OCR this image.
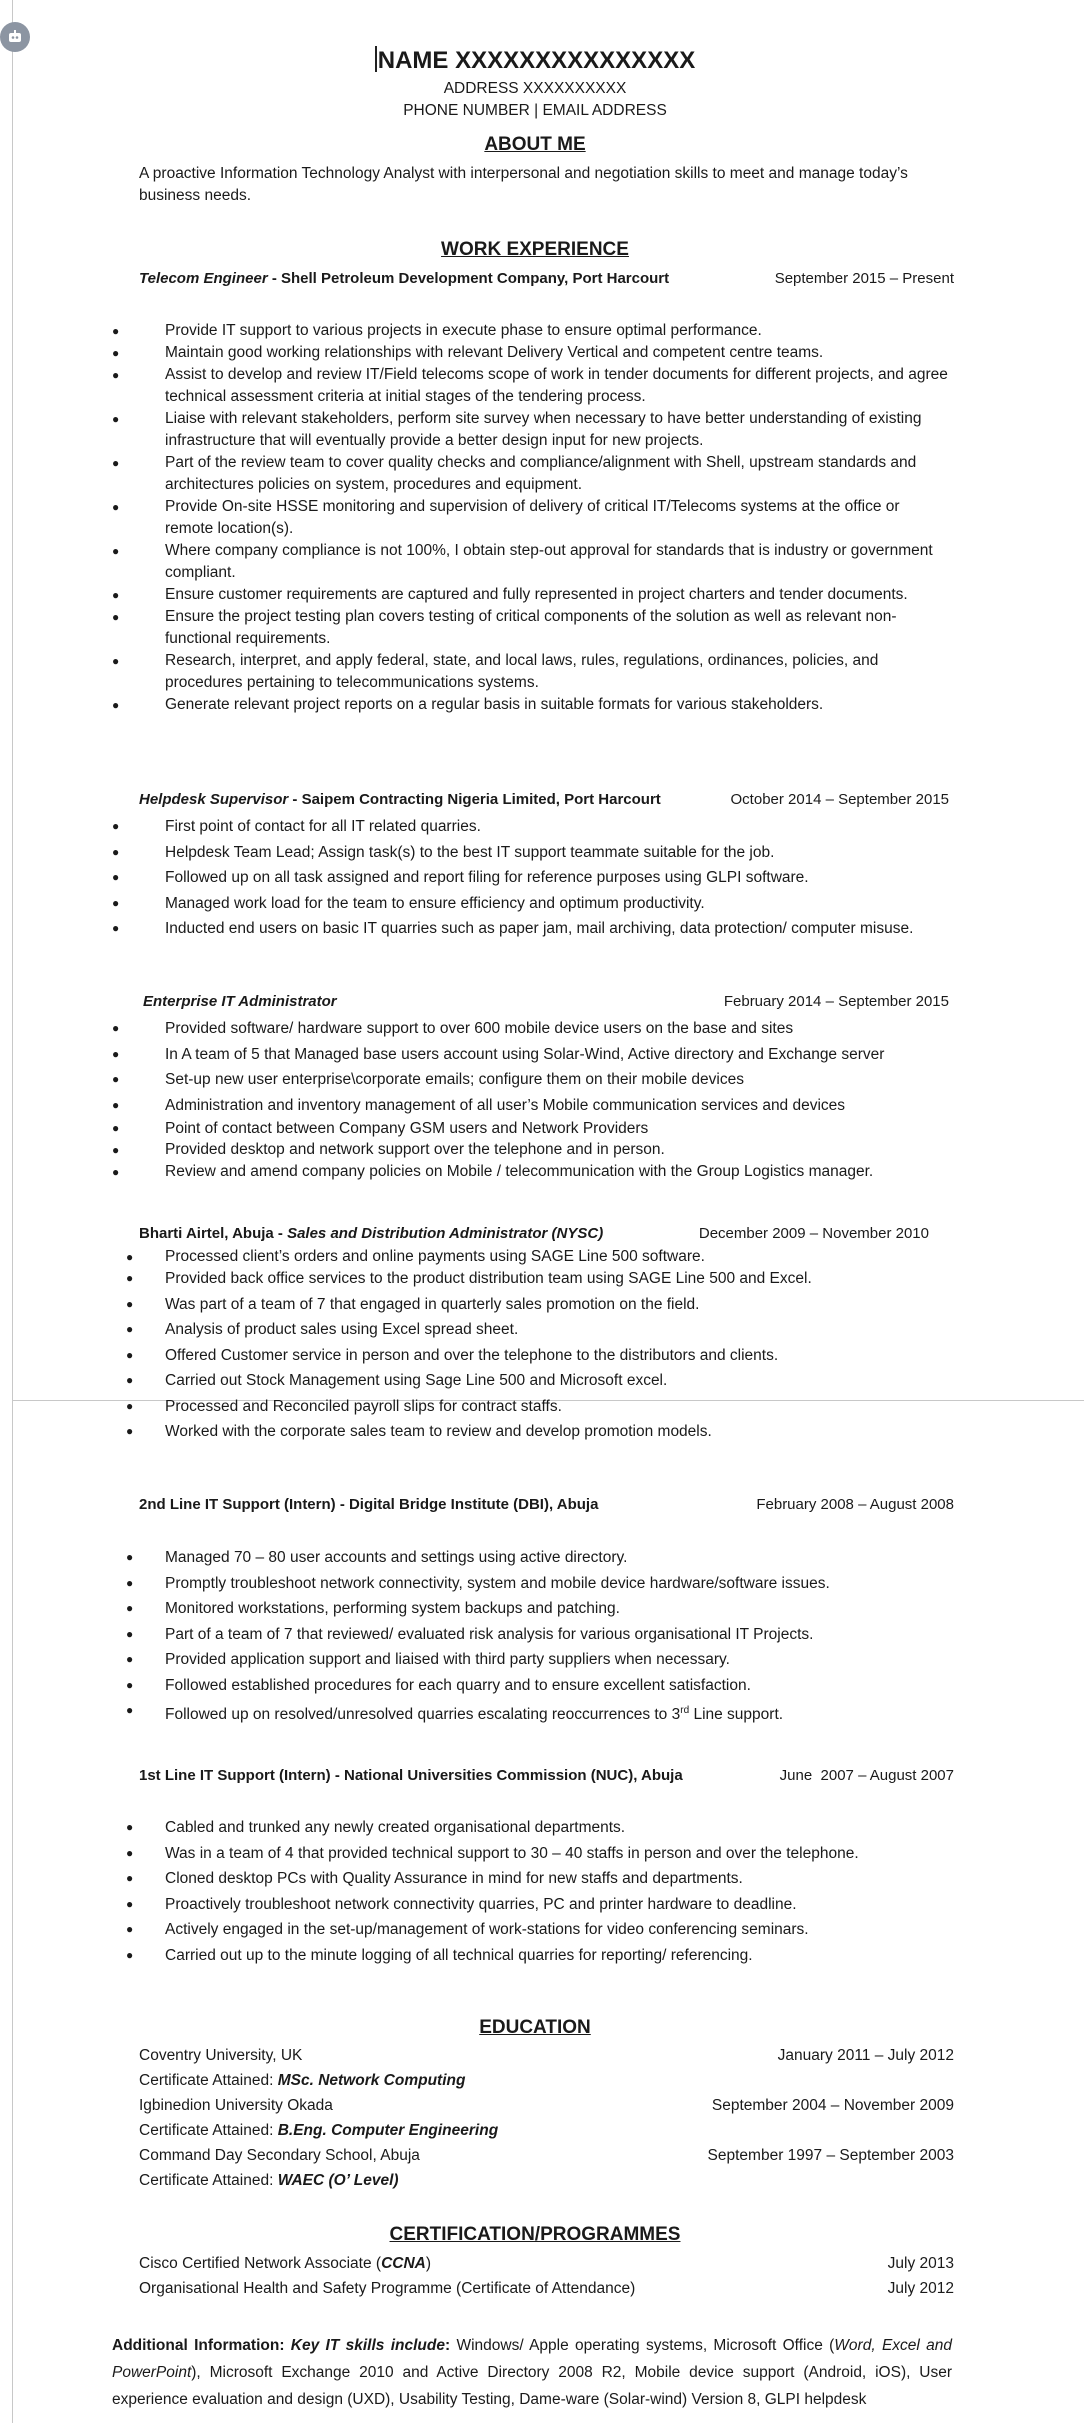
NAME XXXXXXXXXXXXXXX
ADDRESS XXXXXXXXXX
PHONE NUMBER | EMAIL ADDRESS
ABOUT ME
A proactive Information Technology Analyst with interpersonal and negotiation skills to meet and manage today’s business needs.
WORK EXPERIENCE
Telecom Engineer - Shell Petroleum Development Company, Port Harcourt	September 2015 – Present
● Provide IT support to various projects in execute phase to ensure optimal performance.
● Maintain good working relationships with relevant Delivery Vertical and competent centre teams.
● Assist to develop and review IT/Field telecoms scope of work in tender documents for different projects, and agree technical assessment criteria at initial stages of the tendering process.
● Liaise with relevant stakeholders, perform site survey when necessary to have better understanding of existing infrastructure that will eventually provide a better design input for new projects.
● Part of the review team to cover quality checks and compliance/alignment with Shell, upstream standards and architectures policies on system, procedures and equipment.
● Provide On-site HSSE monitoring and supervision of delivery of critical IT/Telecoms systems at the office or remote location(s).
● Where company compliance is not 100%, I obtain step-out approval for standards that is industry or government compliant.
● Ensure customer requirements are captured and fully represented in project charters and tender documents.
● Ensure the project testing plan covers testing of critical components of the solution as well as relevant non-functional requirements.
● Research, interpret, and apply federal, state, and local laws, rules, regulations, ordinances, policies, and procedures pertaining to telecommunications systems.
● Generate relevant project reports on a regular basis in suitable formats for various stakeholders.
Helpdesk Supervisor - Saipem Contracting Nigeria Limited, Port Harcourt	October 2014 – September 2015
● First point of contact for all IT related quarries.
● Helpdesk Team Lead; Assign task(s) to the best IT support teammate suitable for the job.
● Followed up on all task assigned and report filing for reference purposes using GLPI software.
● Managed work load for the team to ensure efficiency and optimum productivity.
● Inducted end users on basic IT quarries such as paper jam, mail archiving, data protection/ computer misuse.
Enterprise IT Administrator	February 2014 – September 2015
● Provided software/ hardware support to over 600 mobile device users on the base and sites
● In A team of 5 that Managed base users account using Solar-Wind, Active directory and Exchange server
● Set-up new user enterprise\corporate emails; configure them on their mobile devices
● Administration and inventory management of all user’s Mobile communication services and devices
● Point of contact between Company GSM users and Network Providers
● Provided desktop and network support over the telephone and in person.
● Review and amend company policies on Mobile / telecommunication with the Group Logistics manager.
Bharti Airtel, Abuja - Sales and Distribution Administrator (NYSC)	December 2009 – November 2010
● Processed client’s orders and online payments using SAGE Line 500 software.
● Provided back office services to the product distribution team using SAGE Line 500 and Excel.
● Was part of a team of 7 that engaged in quarterly sales promotion on the field.
● Analysis of product sales using Excel spread sheet.
● Offered Customer service in person and over the telephone to the distributors and clients.
● Carried out Stock Management using Sage Line 500 and Microsoft excel.
● Processed and Reconciled payroll slips for contract staffs.
● Worked with the corporate sales team to review and develop promotion models.
2nd Line IT Support (Intern) - Digital Bridge Institute (DBI), Abuja	February 2008 – August 2008
● Managed 70 – 80 user accounts and settings using active directory.
● Promptly troubleshoot network connectivity, system and mobile device hardware/software issues.
● Monitored workstations, performing system backups and patching.
● Part of a team of 7 that reviewed/ evaluated risk analysis for various organisational IT Projects.
● Provided application support and liaised with third party suppliers when necessary.
● Followed established procedures for each quarry and to ensure excellent satisfaction.
● Followed up on resolved/unresolved quarries escalating reoccurrences to 3rd Line support.
1st Line IT Support (Intern) - National Universities Commission (NUC), Abuja	June  2007 – August 2007
● Cabled and trunked any newly created organisational departments.
● Was in a team of 4 that provided technical support to 30 – 40 staffs in person and over the telephone.
● Cloned desktop PCs with Quality Assurance in mind for new staffs and departments.
● Proactively troubleshoot network connectivity quarries, PC and printer hardware to deadline.
● Actively engaged in the set-up/management of work-stations for video conferencing seminars.
● Carried out up to the minute logging of all technical quarries for reporting/ referencing.
EDUCATION
Coventry University, UK	January 2011 – July 2012
Certificate Attained: MSc. Network Computing
Igbinedion University Okada	September 2004 – November 2009
Certificate Attained: B.Eng. Computer Engineering
Command Day Secondary School, Abuja	September 1997 – September 2003
Certificate Attained: WAEC (O’ Level)
CERTIFICATION/PROGRAMMES
Cisco Certified Network Associate (CCNA)	July 2013
Organisational Health and Safety Programme (Certificate of Attendance)	July 2012
Additional Information: Key IT skills include: Windows/ Apple operating systems, Microsoft Office (Word, Excel and PowerPoint), Microsoft Exchange 2010 and Active Directory 2008 R2, Mobile device support (Android, iOS), User experience evaluation and design (UXD), Usability Testing, Dame-ware (Solar-wind) Version 8, GLPI helpdesk
